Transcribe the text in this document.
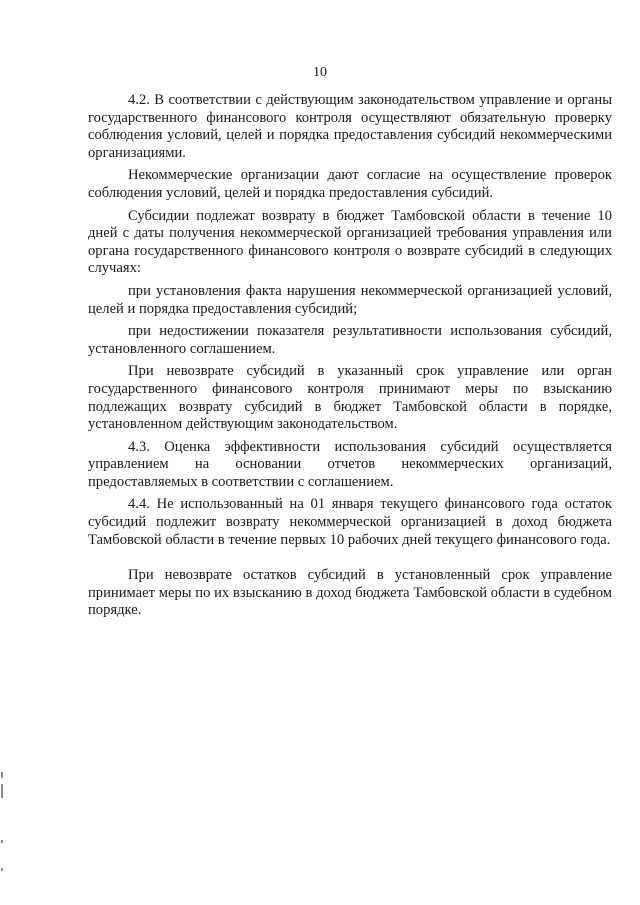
10

4.2. В соответствии с действующим законодательством управление и органы государственного финансового контроля осуществляют обязательную проверку соблюдения условий, целей и порядка предоставления субсидий некоммерческими организациями.

Некоммерческие организации дают согласие на осуществление проверок соблюдения условий, целей и порядка предоставления субсидий.

Субсидии подлежат возврату в бюджет Тамбовской области в течение 10 дней с даты получения некоммерческой организацией требования управления или органа государственного финансового контроля о возврате субсидий в следующих случаях:

при установления факта нарушения некоммерческой организацией условий, целей и порядка предоставления субсидий;

при недостижении показателя результативности использования субсидий, установленного соглашением.

При невозврате субсидий в указанный срок управление или орган государственного финансового контроля принимают меры по взысканию подлежащих возврату субсидий в бюджет Тамбовской области в порядке, установленном действующим законодательством.

4.3. Оценка эффективности использования субсидий осуществляется управлением на основании отчетов некоммерческих организаций, предоставляемых в соответствии с соглашением.

4.4. Не использованный на 01 января текущего финансового года остаток субсидий подлежит возврату некоммерческой организацией в доход бюджета Тамбовской области в течение первых 10 рабочих дней текущего финансового года.

При невозврате остатков субсидий в установленный срок управление принимает меры по их взысканию в доход бюджета Тамбовской области в судебном порядке.
